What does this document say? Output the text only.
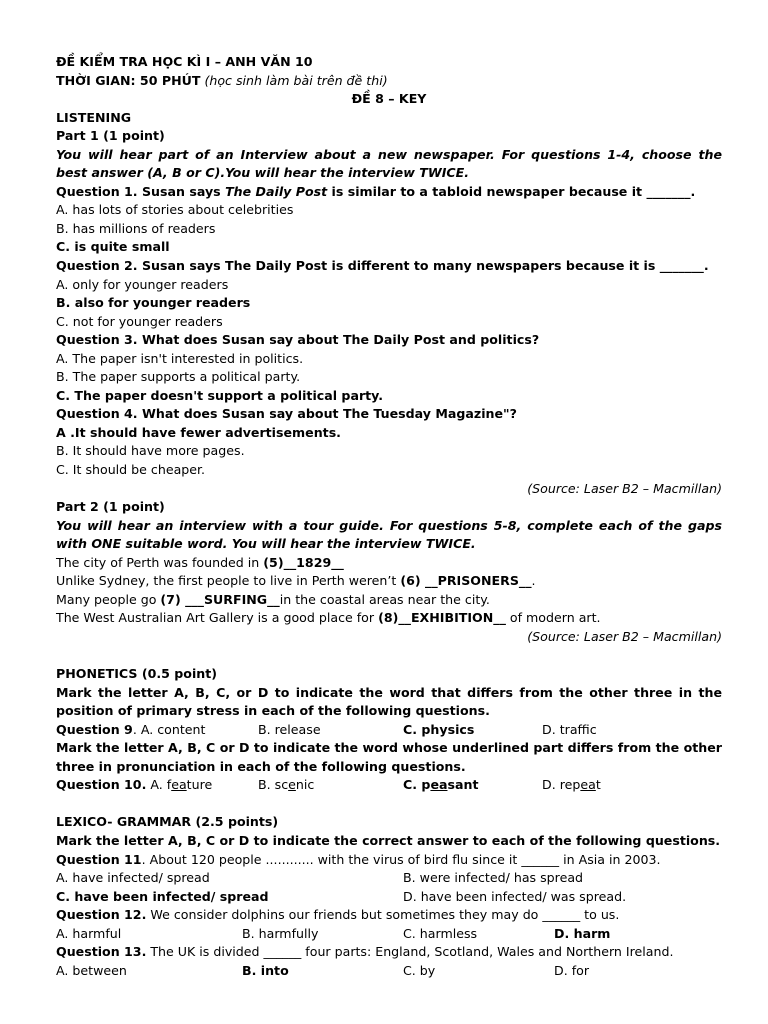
ĐỀ KIỂM TRA HỌC KÌ I – ANH VĂN 10
THỜI GIAN: 50 PHÚT (học sinh làm bài trên đề thi)
ĐỀ 8 – KEY
LISTENING
Part 1 (1 point)
You will hear part of an Interview about a new newspaper. For questions 1-4, choose the
best answer (A, B or C).You will hear the interview TWICE.
Question 1. Susan says The Daily Post is similar to a tabloid newspaper because it _______.
A. has lots of stories about celebrities
B. has millions of readers
C. is quite small
Question 2. Susan says The Daily Post is different to many newspapers because it is _______.
A. only for younger readers
B. also for younger readers
C. not for younger readers
Question 3. What does Susan say about The Daily Post and politics?
A. The paper isn't interested in politics.
B. The paper supports a political party.
C. The paper doesn't support a political party.
Question 4. What does Susan say about The Tuesday Magazine"?
A .It should have fewer advertisements.
B. It should have more pages.
C. It should be cheaper.
(Source: Laser B2 – Macmillan)
Part 2 (1 point)
You will hear an interview with a tour guide. For questions 5-8, complete each of the gaps
with ONE suitable word. You will hear the interview TWICE.
The city of Perth was founded in (5)__1829__
Unlike Sydney, the first people to live in Perth weren’t (6) __PRISONERS__.
Many people go (7) ___SURFING__in the coastal areas near the city.
The West Australian Art Gallery is a good place for (8)__EXHIBITION__ of modern art.
(Source: Laser B2 – Macmillan)
PHONETICS (0.5 point)
Mark the letter A, B, C, or D to indicate the word that differs from the other three in the
position of primary stress in each of the following questions.
Question 9. A. content	B. release	C. physics	D. traffic
Mark the letter A, B, C or D to indicate the word whose underlined part differs from the other
three in pronunciation in each of the following questions.
Question 10. A. feature	B. scenic	C. peasant	D. repeat
LEXICO- GRAMMAR (2.5 points)
Mark the letter A, B, C or D to indicate the correct answer to each of the following questions.
Question 11. About 120 people ............ with the virus of bird flu since it ______ in Asia in 2003.
A. have infected/ spread	B. were infected/ has spread
C. have been infected/ spread	D. have been infected/ was spread.
Question 12. We consider dolphins our friends but sometimes they may do ______ to us.
A. harmful	B. harmfully	C. harmless	D. harm
Question 13. The UK is divided ______ four parts: England, Scotland, Wales and Northern Ireland.
A. between	B. into	C. by	D. for
